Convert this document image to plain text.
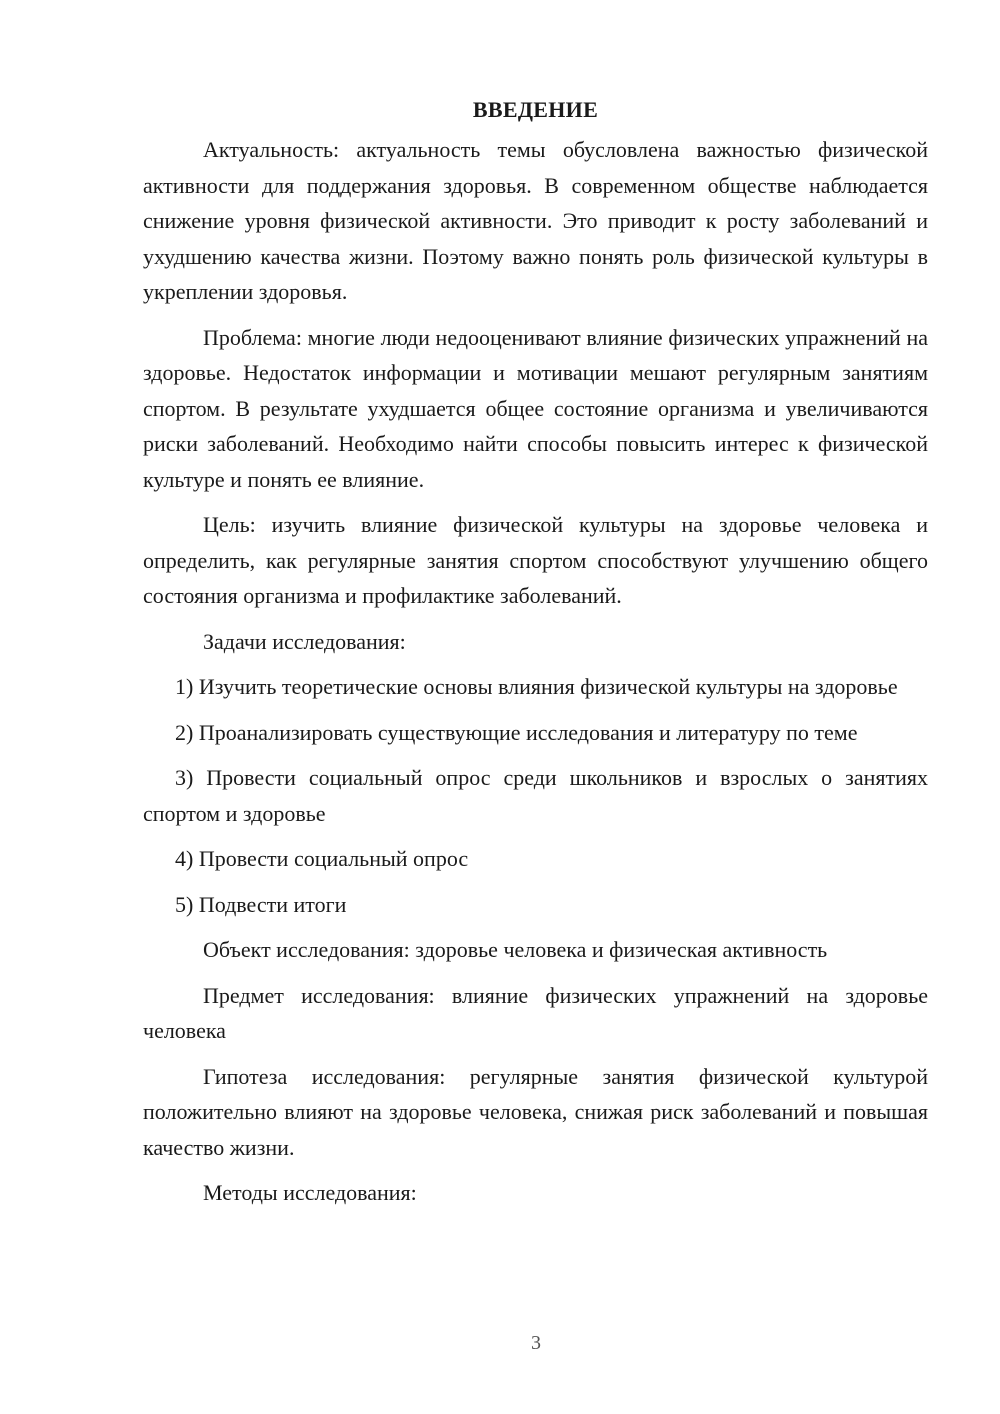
ВВЕДЕНИЕ

Актуальность: актуальность темы обусловлена важностью физической активности для поддержания здоровья. В современном обществе наблюдается снижение уровня физической активности. Это приводит к росту заболеваний и ухудшению качества жизни. Поэтому важно понять роль физической культуры в укреплении здоровья.

Проблема: многие люди недооценивают влияние физических упражнений на здоровье. Недостаток информации и мотивации мешают регулярным занятиям спортом. В результате ухудшается общее состояние организма и увеличиваются риски заболеваний. Необходимо найти способы повысить интерес к физической культуре и понять ее влияние.

Цель: изучить влияние физической культуры на здоровье человека и определить, как регулярные занятия спортом способствуют улучшению общего состояния организма и профилактике заболеваний.

Задачи исследования:

1) Изучить теоретические основы влияния физической культуры на здоровье

2) Проанализировать существующие исследования и литературу по теме

3) Провести социальный опрос среди школьников и взрослых о занятиях спортом и здоровье

4) Провести социальный опрос

5) Подвести итоги

Объект исследования: здоровье человека и физическая активность

Предмет исследования: влияние физических упражнений на здоровье человека

Гипотеза исследования: регулярные занятия физической культурой положительно влияют на здоровье человека, снижая риск заболеваний и повышая качество жизни.

Методы исследования:

3
